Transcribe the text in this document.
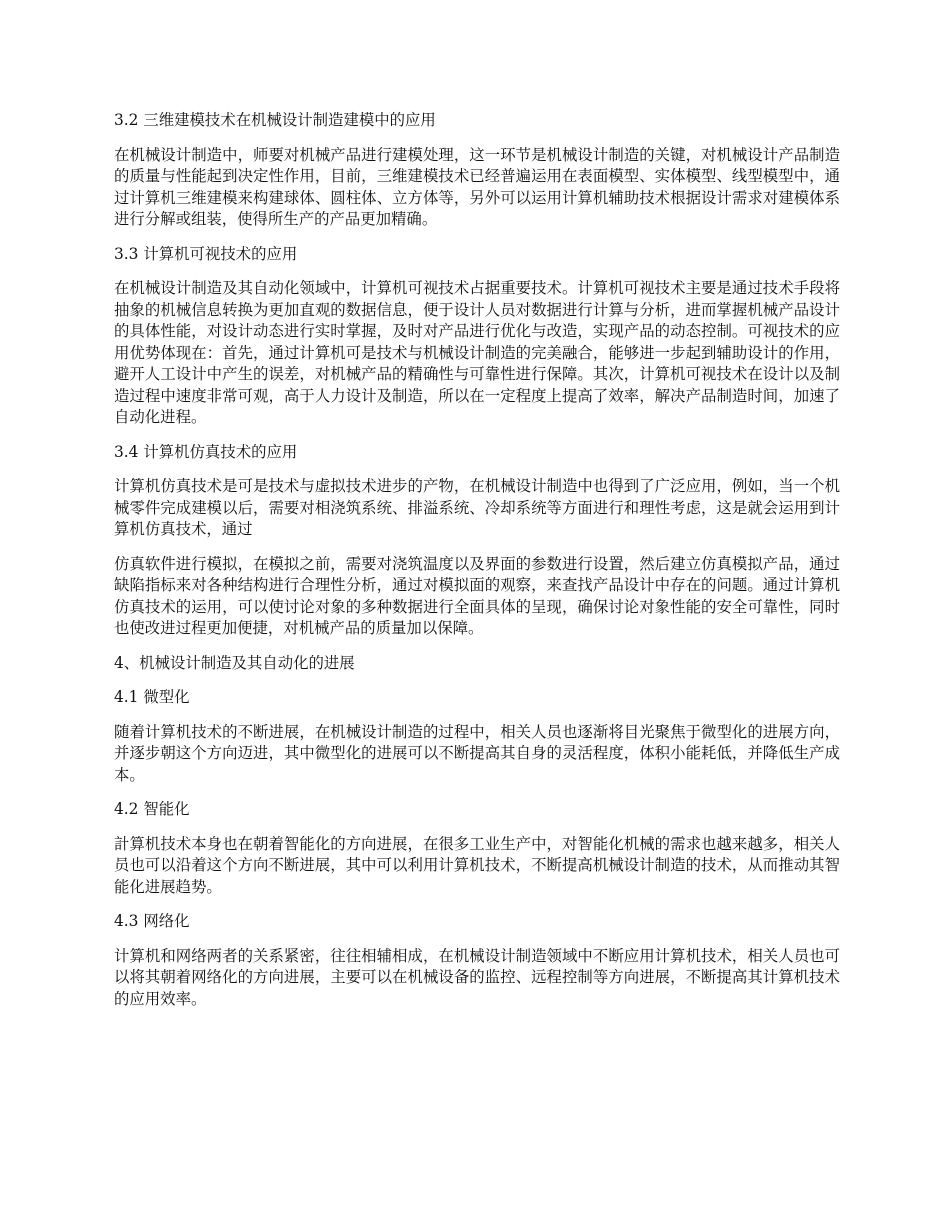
3.2 三维建模技术在机械设计制造建模中的应用
在机械设计制造中，师要对机械产品进行建模处理，这一环节是机械设计制造的关键，对机械设计产品制造的质量与性能起到决定性作用，目前，三维建模技术已经普遍运用在表面模型、实体模型、线型模型中，通过计算机三维建模来构建球体、圆柱体、立方体等，另外可以运用计算机辅助技术根据设计需求对建模体系进行分解或组装，使得所生产的产品更加精确。
3.3 计算机可视技术的应用
在机械设计制造及其自动化领域中，计算机可视技术占据重要技术。计算机可视技术主要是通过技术手段将抽象的机械信息转换为更加直观的数据信息，便于设计人员对数据进行计算与分析，进而掌握机械产品设计的具体性能，对设计动态进行实时掌握，及时对产品进行优化与改造，实现产品的动态控制。可视技术的应用优势体现在：首先，通过计算机可是技术与机械设计制造的完美融合，能够进一步起到辅助设计的作用，避开人工设计中产生的误差，对机械产品的精确性与可靠性进行保障。其次，计算机可视技术在设计以及制造过程中速度非常可观，高于人力设计及制造，所以在一定程度上提高了效率，解决产品制造时间，加速了自动化进程。
3.4 计算机仿真技术的应用
计算机仿真技术是可是技术与虚拟技术进步的产物，在机械设计制造中也得到了广泛应用，例如，当一个机械零件完成建模以后，需要对相浇筑系统、排溢系统、冷却系统等方面进行和理性考虑，这是就会运用到计算机仿真技术，通过
仿真软件进行模拟，在模拟之前，需要对浇筑温度以及界面的参数进行设置，然后建立仿真模拟产品，通过缺陷指标来对各种结构进行合理性分析，通过对模拟面的观察，来查找产品设计中存在的问题。通过计算机仿真技术的运用，可以使讨论对象的多种数据进行全面具体的呈现，确保讨论对象性能的安全可靠性，同时也使改进过程更加便捷，对机械产品的质量加以保障。
4、机械设计制造及其自动化的进展
4.1 微型化
随着计算机技术的不断进展，在机械设计制造的过程中，相关人员也逐渐将目光聚焦于微型化的进展方向，并逐步朝这个方向迈进，其中微型化的进展可以不断提高其自身的灵活程度，体积小能耗低，并降低生产成本。
4.2 智能化
計算机技术本身也在朝着智能化的方向进展，在很多工业生产中，对智能化机械的需求也越来越多，相关人员也可以沿着这个方向不断进展，其中可以利用计算机技术，不断提高机械设计制造的技术，从而推动其智能化进展趋势。
4.3 网络化
计算机和网络两者的关系紧密，往往相辅相成，在机械设计制造领域中不断应用计算机技术，相关人员也可以将其朝着网络化的方向进展，主要可以在机械设备的监控、远程控制等方向进展，不断提高其计算机技术的应用效率。
